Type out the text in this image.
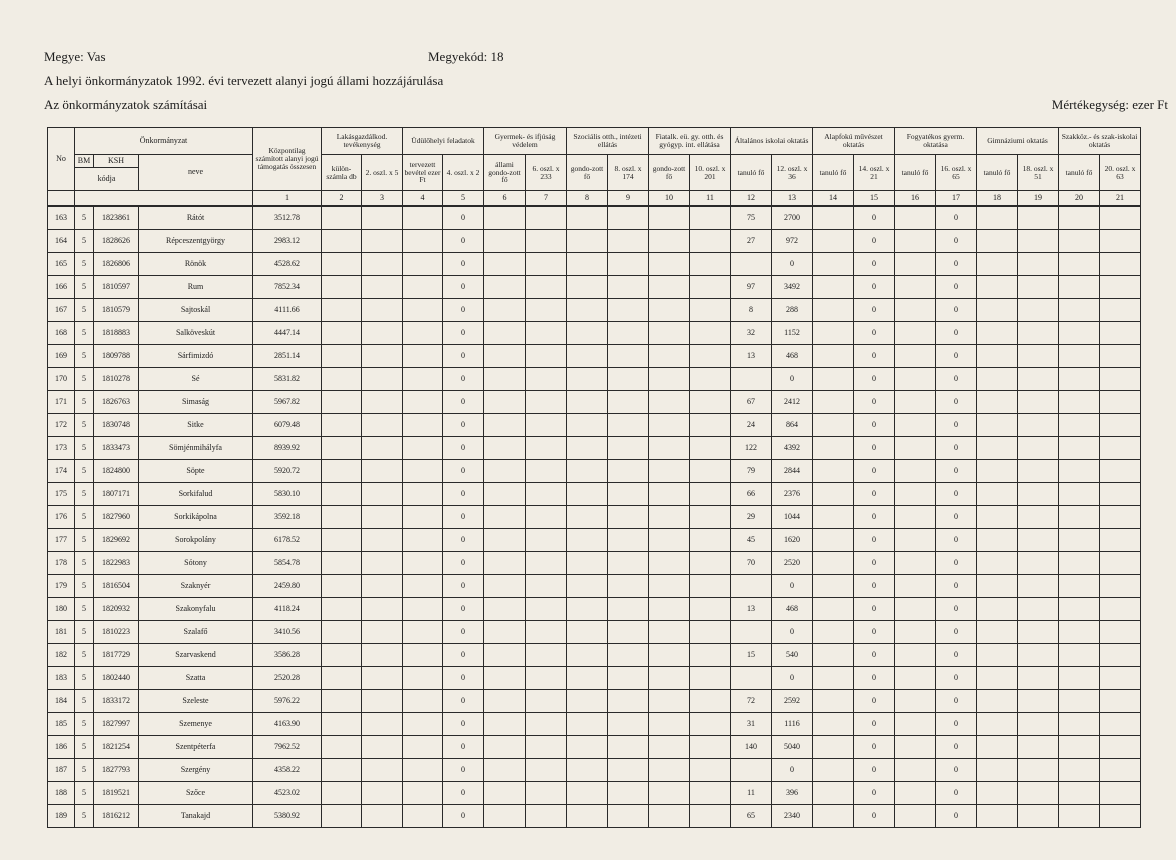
Megye: Vas	Megyekód: 18
A helyi önkormányzatok 1992. évi tervezett alanyi jogú állami hozzájárulása
Az önkormányzatok számításai	Mértékegység: ezer Ft
No	Önkormányzat			Központilag számított alanyi jogú támogatás összesen	Lakásgazdálkod. tevékenység		Üdülőhelyi feladatok		Gyermek- és ifjúság védelem		Szociális otth., intézeti ellátás		Fiatalk. eü. gy. otth. és gyógyp. int. ellátása		Általános iskolai oktatás		Alapfokú művészet oktatás		Fogyatékos gyerm. oktatása		Gimnáziumi oktatás		Szakköz.- és szak-iskolai oktatás	
	BM	KSH	neve		külön-számla db	2. oszl. x 5	tervezett bevétel ezer Ft	4. oszl. x 2	állami gondo-zott fő	6. oszl. x 233	gondo-zott fő	8. oszl. x 174	gondo-zott fő	10. oszl. x 201	tanuló fő	12. oszl. x 36	tanuló fő	14. oszl. x 21	tanuló fő	16. oszl. x 65	tanuló fő	18. oszl. x 51	tanuló fő	20. oszl. x 63
	kódja																							
				1	2	3	4	5	6	7	8	9	10	11	12	13	14	15	16	17	18	19	20	21
163	5	1823861	Rátót	3512.78				0							75	2700		0		0				
164	5	1828626	Répceszentgyörgy	2983.12				0							27	972		0		0				
165	5	1826806	Rönök	4528.62				0								0		0		0				
166	5	1810597	Rum	7852.34				0							97	3492		0		0				
167	5	1810579	Sajtoskál	4111.66				0							8	288		0		0				
168	5	1818883	Salköveskút	4447.14				0							32	1152		0		0				
169	5	1809788	Sárfimizdó	2851.14				0							13	468		0		0				
170	5	1810278	Sé	5831.82				0								0		0		0				
171	5	1826763	Simaság	5967.82				0							67	2412		0		0				
172	5	1830748	Sitke	6079.48				0							24	864		0		0				
173	5	1833473	Sömjénmihályfa	8939.92				0							122	4392		0		0				
174	5	1824800	Söpte	5920.72				0							79	2844		0		0				
175	5	1807171	Sorkifalud	5830.10				0							66	2376		0		0				
176	5	1827960	Sorkikápolna	3592.18				0							29	1044		0		0				
177	5	1829692	Sorokpolány	6178.52				0							45	1620		0		0				
178	5	1822983	Sótony	5854.78				0							70	2520		0		0				
179	5	1816504	Szaknyér	2459.80				0								0		0		0				
180	5	1820932	Szakonyfalu	4118.24				0							13	468		0		0				
181	5	1810223	Szalafő	3410.56				0								0		0		0				
182	5	1817729	Szarvaskend	3586.28				0							15	540		0		0				
183	5	1802440	Szatta	2520.28				0								0		0		0				
184	5	1833172	Szeleste	5976.22				0							72	2592		0		0				
185	5	1827997	Szemenye	4163.90				0							31	1116		0		0				
186	5	1821254	Szentpéterfa	7962.52				0							140	5040		0		0				
187	5	1827793	Szergény	4358.22				0								0		0		0				
188	5	1819521	Szőce	4523.02				0							11	396		0		0				
189	5	1816212	Tanakajd	5380.92				0							65	2340		0		0				
